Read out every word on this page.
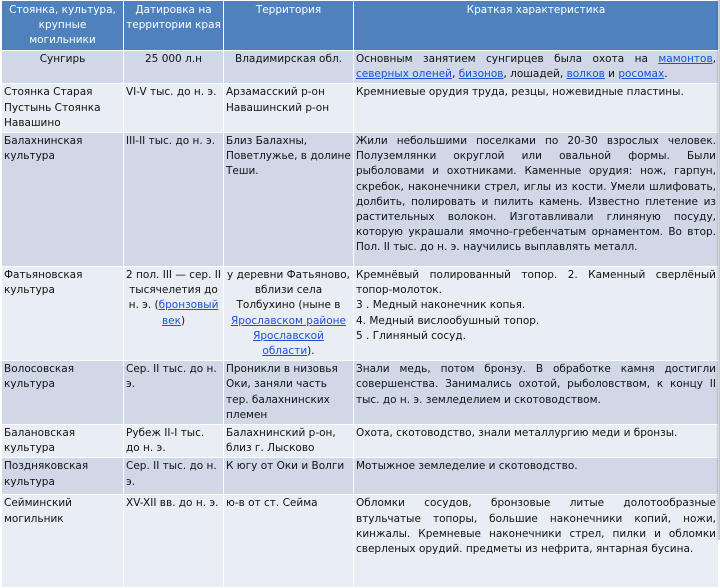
Стоянка, культура, крупные могильники	Датировка на территории края	Территория	Краткая характеристика
Сунгирь	25 000 л.н	Владимирская обл.	Основным занятием сунгирцев была охота на мамонтов, северных оленей, бизонов, лошадей, волков и росомах.
Стоянка Старая Пустынь Стоянка Навашино	VI-V тыс. до н. э.	Арзамасский р-он Навашинский р-он	Кремниевые орудия труда, резцы, ножевидные пластины.
Балахнинская культура	III-II тыс. до н. э.	Близ Балахны, Поветлужье, в долине Теши.	Жили небольшими поселками по 20-30 взрослых человек. Полуземлянки округлой или овальной формы. Были рыболовами и охотниками. Каменные орудия: нож, гарпун, скребок, наконечники стрел, иглы из кости. Умели шлифовать, долбить, полировать и пилить камень. Известно плетение из растительных волокон. Изготавливали глиняную посуду, которую украшали ямочно-гребенчатым орнаментом. Во втор. Пол. II тыс. до н. э. научились выплавлять металл.
Фатьяновская культура	2 пол. III — сер. II тысячелетия до н. э. (бронзовый век)	у деревни Фатьяново, вблизи села Толбухино (ныне в Ярославском районе Ярославской области).	Кремнёвый полированный топор. 2. Каменный сверлёный топор-молоток.
3 . Медный наконечник копья.
4. Медный вислообушный топор.
5 . Глиняный сосуд.

Волосовская культура	Сер. II тыс. до н. э.	Проникли в низовья Оки, заняли часть тер. балахнинских племен	Знали медь, потом бронзу. В обработке камня достигли совершенства. Занимались охотой, рыболовством, к концу II тыс. до н. э. земледелием и скотоводством.
Балановская культура	Рубеж II-I тыс. до н. э.	Балахнинский р-он, близ г. Лысково	Охота, скотоводство, знали металлургию меди и бронзы.
Поздняковская культура	Сер. II тыс. до н. э.	К югу от Оки и Волги	Мотыжное земледелие и скотоводство.
Сейминский могильник	XV-XII вв. до н. э.	ю-в от ст. Сейма	Обломки сосудов, бронзовые литые долотообразные втульчатые топоры, большие наконечники копий, ножи, кинжалы. Кремневые наконечники стрел, пилки и обломки сверленых орудий. предметы из нефрита, янтарная бусина.
